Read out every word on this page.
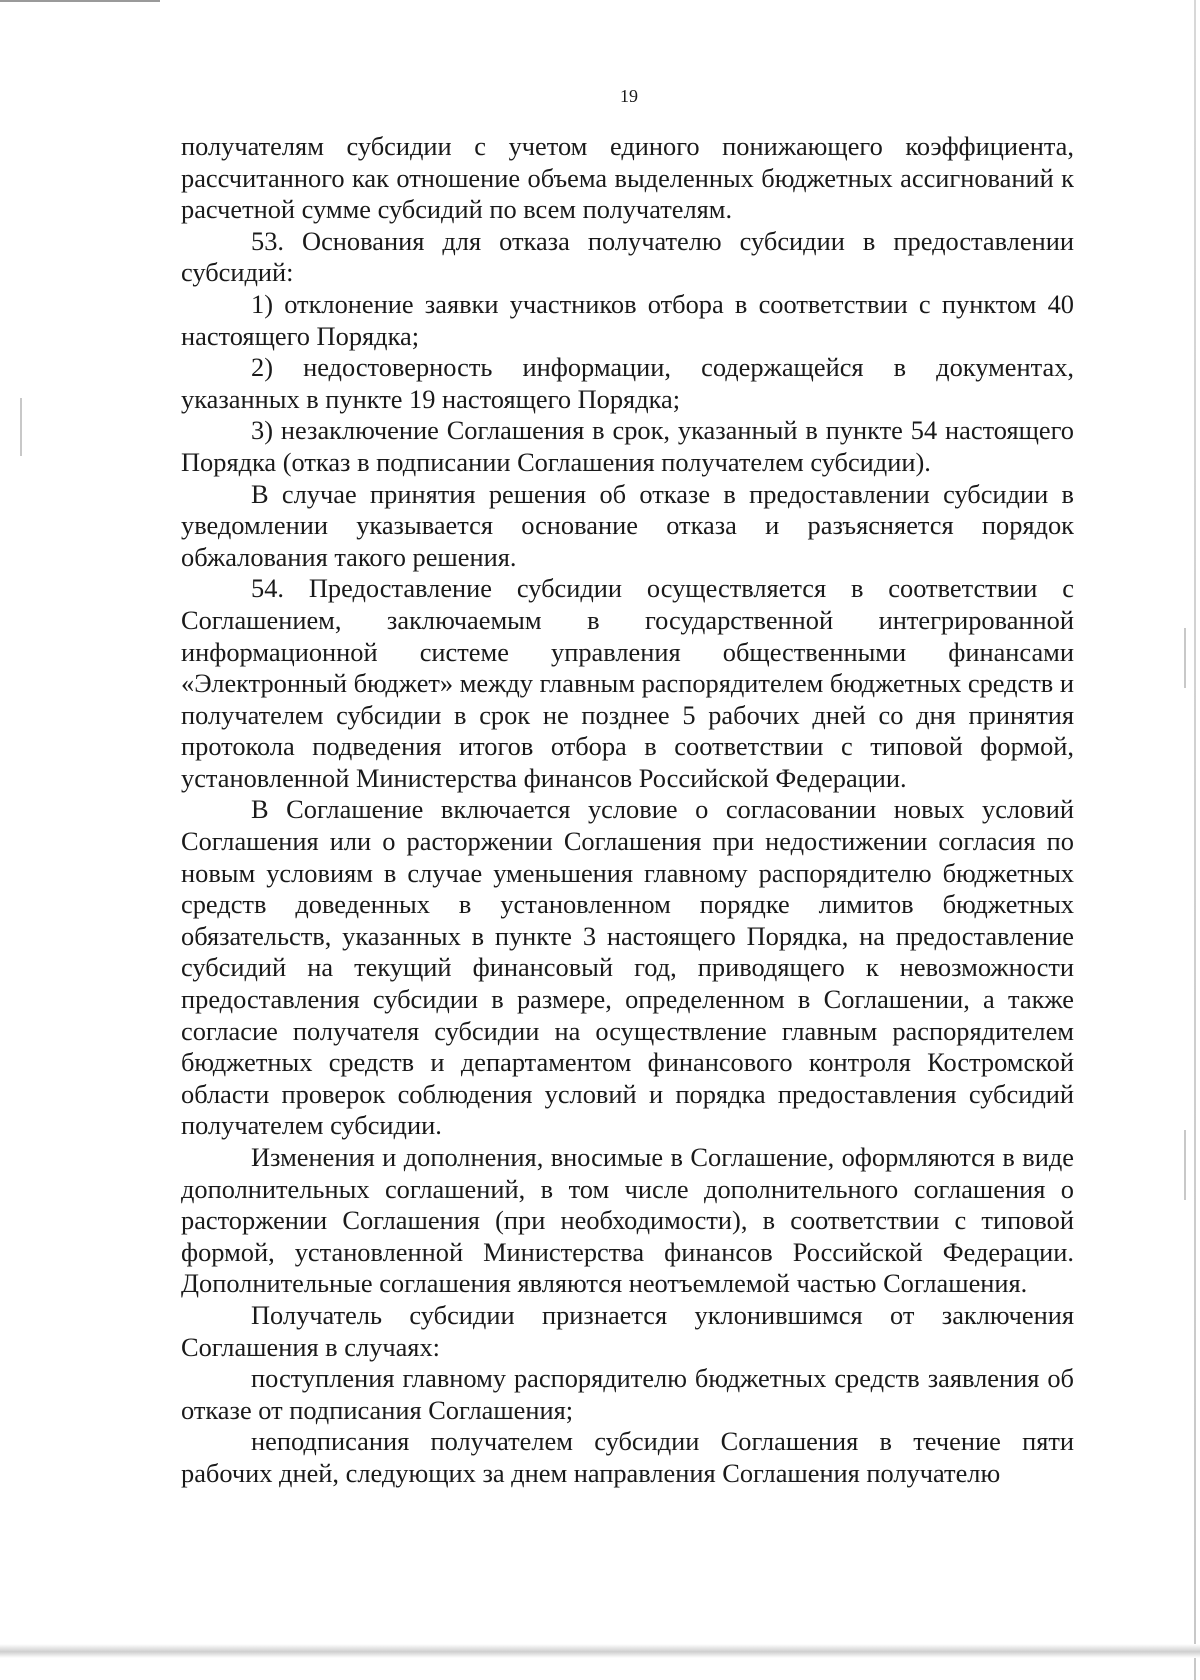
19

получателям субсидии с учетом единого понижающего коэффициента, рассчитанного как отношение объема выделенных бюджетных ассигнований к расчетной сумме субсидий по всем получателям.

53. Основания для отказа получателю субсидии в предоставлении субсидий:

1) отклонение заявки участников отбора в соответствии с пунктом 40 настоящего Порядка;

2) недостоверность информации, содержащейся в документах, указанных в пункте 19 настоящего Порядка;

3) незаключение Соглашения в срок, указанный в пункте 54 настоящего Порядка (отказ в подписании Соглашения получателем субсидии).

В случае принятия решения об отказе в предоставлении субсидии в уведомлении указывается основание отказа и разъясняется порядок обжалования такого решения.

54. Предоставление субсидии осуществляется в соответствии с Соглашением, заключаемым в государственной интегрированной информационной системе управления общественными финансами «Электронный бюджет» между главным распорядителем бюджетных средств и получателем субсидии в срок не позднее 5 рабочих дней со дня принятия протокола подведения итогов отбора в соответствии с типовой формой, установленной Министерства финансов Российской Федерации.

В Соглашение включается условие о согласовании новых условий Соглашения или о расторжении Соглашения при недостижении согласия по новым условиям в случае уменьшения главному распорядителю бюджетных средств доведенных в установленном порядке лимитов бюджетных обязательств, указанных в пункте 3 настоящего Порядка, на предоставление субсидий на текущий финансовый год, приводящего к невозможности предоставления субсидии в размере, определенном в Соглашении, а также согласие получателя субсидии на осуществление главным распорядителем бюджетных средств и департаментом финансового контроля Костромской области проверок соблюдения условий и порядка предоставления субсидий получателем субсидии.

Изменения и дополнения, вносимые в Соглашение, оформляются в виде дополнительных соглашений, в том числе дополнительного соглашения о расторжении Соглашения (при необходимости), в соответствии с типовой формой, установленной Министерства финансов Российской Федерации. Дополнительные соглашения являются неотъемлемой частью Соглашения.

Получатель субсидии признается уклонившимся от заключения Соглашения в случаях:

поступления главному распорядителю бюджетных средств заявления об отказе от подписания Соглашения;

неподписания получателем субсидии Соглашения в течение пяти рабочих дней, следующих за днем направления Соглашения получателю
